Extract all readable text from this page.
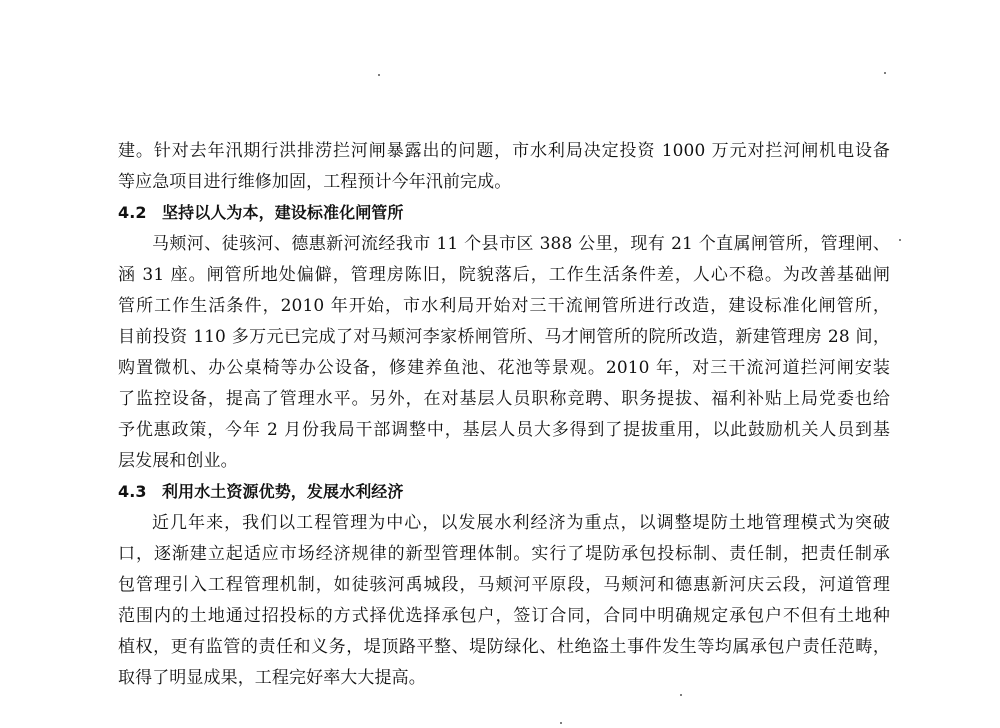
建。针对去年汛期行洪排涝拦河闸暴露出的问题，市水利局决定投资 1000 万元对拦河闸机电设备
等应急项目进行维修加固，工程预计今年汛前完成。
4.2 坚持以人为本，建设标准化闸管所
马颊河、徒骇河、德惠新河流经我市 11 个县市区 388 公里，现有 21 个直属闸管所，管理闸、
涵 31 座。闸管所地处偏僻，管理房陈旧，院貌落后，工作生活条件差，人心不稳。为改善基础闸
管所工作生活条件，2010 年开始，市水利局开始对三干流闸管所进行改造，建设标准化闸管所，
目前投资 110 多万元已完成了对马颊河李家桥闸管所、马才闸管所的院所改造，新建管理房 28 间，
购置微机、办公桌椅等办公设备，修建养鱼池、花池等景观。2010 年，对三干流河道拦河闸安装
了监控设备，提高了管理水平。另外，在对基层人员职称竞聘、职务提拔、福利补贴上局党委也给
予优惠政策，今年 2 月份我局干部调整中，基层人员大多得到了提拔重用，以此鼓励机关人员到基
层发展和创业。
4.3 利用水土资源优势，发展水利经济
近几年来，我们以工程管理为中心，以发展水利经济为重点，以调整堤防土地管理模式为突破
口，逐渐建立起适应市场经济规律的新型管理体制。实行了堤防承包投标制、责任制，把责任制承
包管理引入工程管理机制，如徒骇河禹城段，马颊河平原段，马颊河和德惠新河庆云段，河道管理
范围内的土地通过招投标的方式择优选择承包户，签订合同，合同中明确规定承包户不但有土地种
植权，更有监管的责任和义务，堤顶路平整、堤防绿化、杜绝盗土事件发生等均属承包户责任范畴，
取得了明显成果，工程完好率大大提高。
